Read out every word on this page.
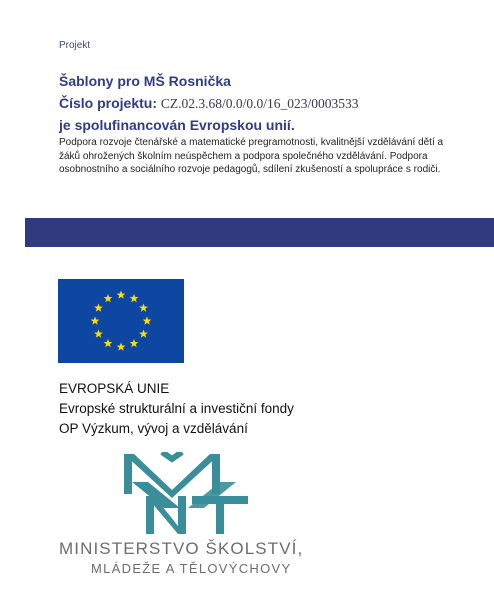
Projekt
Šablony pro MŠ Rosnička
Číslo projektu: CZ.02.3.68/0.0/0.0/16_023/0003533
je spolufinancován Evropskou unií.
Podpora rozvoje čtenářské a matematické pregramotnosti, kvalitnější vzdělávání dětí a žáků ohrožených školním neúspěchem a podpora společného vzdělávání. Podpora osobnostního a sociálního rozvoje pedagogů, sdílení zkušeností a spolupráce s rodiči.
EVROPSKÁ UNIE
Evropské strukturální a investiční fondy
OP Výzkum, vývoj a vzdělávání
MINISTERSTVO ŠKOLSTVÍ,
MLÁDEŽE A TĚLOVÝCHOVY
